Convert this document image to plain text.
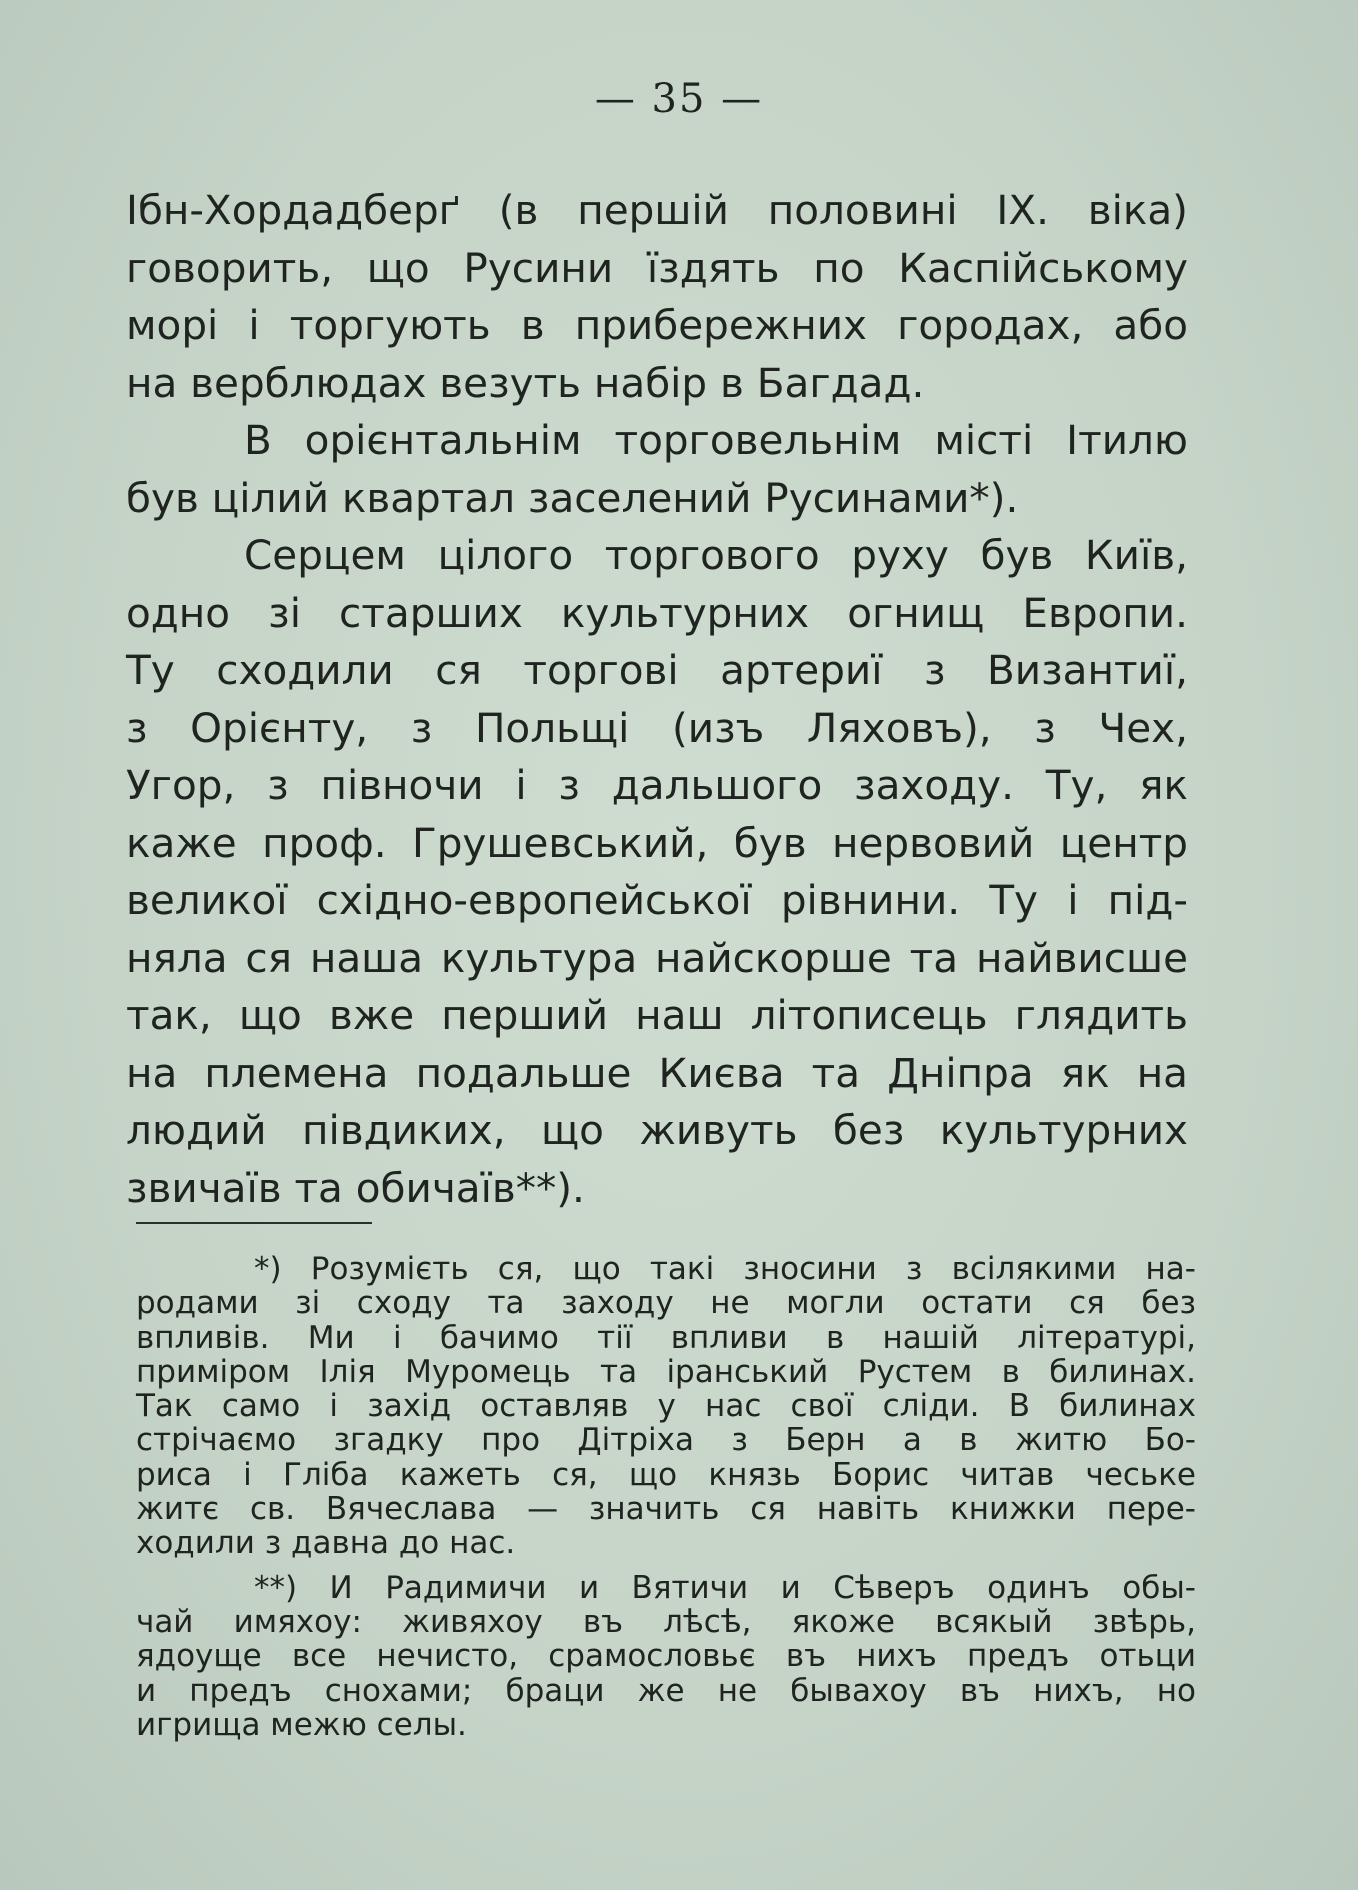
— 35 —
Ібн-Хордадберґ (в першій половині ІХ. віка)
говорить, що Русини їздять по Каспійському
морі і торгують в прибережних городах, або
на верблюдах везуть набір в Багдад.
В орієнтальнім торговельнім місті Ітилю
був цілий квартал заселений Русинами*).
Серцем цілого торгового руху був Київ,
одно зі старших культурних огнищ Европи.
Ту сходили ся торгові артериї з Византиї,
з Орієнту, з Польщі (изъ Ляховъ), з Чех,
Угор, з півночи і з дальшого заходу. Ту, як
каже проф. Грушевський, був нервовий центр
великої східно-европейської рівнини. Ту і під-
няла ся наша культура найскорше та найвисше
так, що вже перший наш літописець глядить
на племена подальше Києва та Дніпра як на
людий півдиких, що живуть без культурних
звичаїв та обичаїв**).
*) Розумієть ся, що такі зносини з всілякими на-
родами зі сходу та заходу не могли остати ся без
впливів. Ми і бачимо тії впливи в нашій літературі,
приміром Ілія Муромець та іранський Рустем в билинах.
Так само і захід оставляв у нас свої сліди. В билинах
стрічаємо згадку про Дітріха з Берн а в житю Бо-
риса і Гліба кажеть ся, що князь Борис читав чеське
житє св. Вячеслава — значить ся навіть книжки пере-
ходили з давна до нас.
**) И Радимичи и Вятичи и Сѣверъ одинъ обы-
чай имяхоу: живяхоу въ лѣсѣ, якоже всякый звѣрь,
ядоуще все нечисто, срамословьє въ нихъ предъ отьци
и предъ снохами; браци же не бывахоу въ нихъ, но
игрища межю селы.
